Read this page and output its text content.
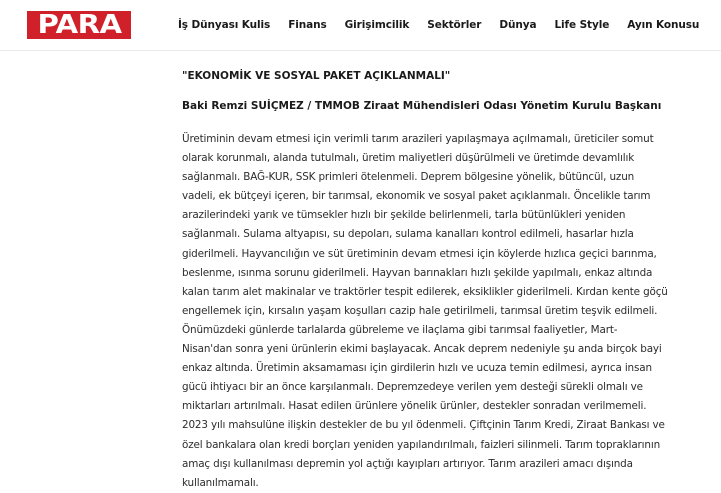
PARA	İş Dünyası Kulis Finans Girişimcilik Sektörler Dünya Life Style Ayın Konusu

"EKONOMİK VE SOSYAL PAKET AÇIKLANMALI"

Baki Remzi SUİÇMEZ / TMMOB Ziraat Mühendisleri Odası Yönetim Kurulu Başkanı

Üretiminin devam etmesi için verimli tarım arazileri yapılaşmaya açılmamalı, üreticiler somut
olarak korunmalı, alanda tutulmalı, üretim maliyetleri düşürülmeli ve üretimde devamlılık
sağlanmalı. BAĞ-KUR, SSK primleri ötelenmeli. Deprem bölgesine yönelik, bütüncül, uzun
vadeli, ek bütçeyi içeren, bir tarımsal, ekonomik ve sosyal paket açıklanmalı. Öncelikle tarım
arazilerindeki yarık ve tümsekler hızlı bir şekilde belirlenmeli, tarla bütünlükleri yeniden
sağlanmalı. Sulama altyapısı, su depoları, sulama kanalları kontrol edilmeli, hasarlar hızla
giderilmeli. Hayvancılığın ve süt üretiminin devam etmesi için köylerde hızlıca geçici barınma,
beslenme, ısınma sorunu giderilmeli. Hayvan barınakları hızlı şekilde yapılmalı, enkaz altında
kalan tarım alet makinalar ve traktörler tespit edilerek, eksiklikler giderilmeli. Kırdan kente göçü
engellemek için, kırsalın yaşam koşulları cazip hale getirilmeli, tarımsal üretim teşvik edilmeli.
Önümüzdeki günlerde tarlalarda gübreleme ve ilaçlama gibi tarımsal faaliyetler, Mart-
Nisan'dan sonra yeni ürünlerin ekimi başlayacak. Ancak deprem nedeniyle şu anda birçok bayi
enkaz altında. Üretimin aksamaması için girdilerin hızlı ve ucuza temin edilmesi, ayrıca insan
gücü ihtiyacı bir an önce karşılanmalı. Depremzedeye verilen yem desteği sürekli olmalı ve
miktarları artırılmalı. Hasat edilen ürünlere yönelik ürünler, destekler sonradan verilmemeli.
2023 yılı mahsulüne ilişkin destekler de bu yıl ödenmeli. Çiftçinin Tarım Kredi, Ziraat Bankası ve
özel bankalara olan kredi borçları yeniden yapılandırılmalı, faizleri silinmeli. Tarım topraklarının
amaç dışı kullanılması depremin yol açtığı kayıpları artırıyor. Tarım arazileri amacı dışında
kullanılmamalı.
